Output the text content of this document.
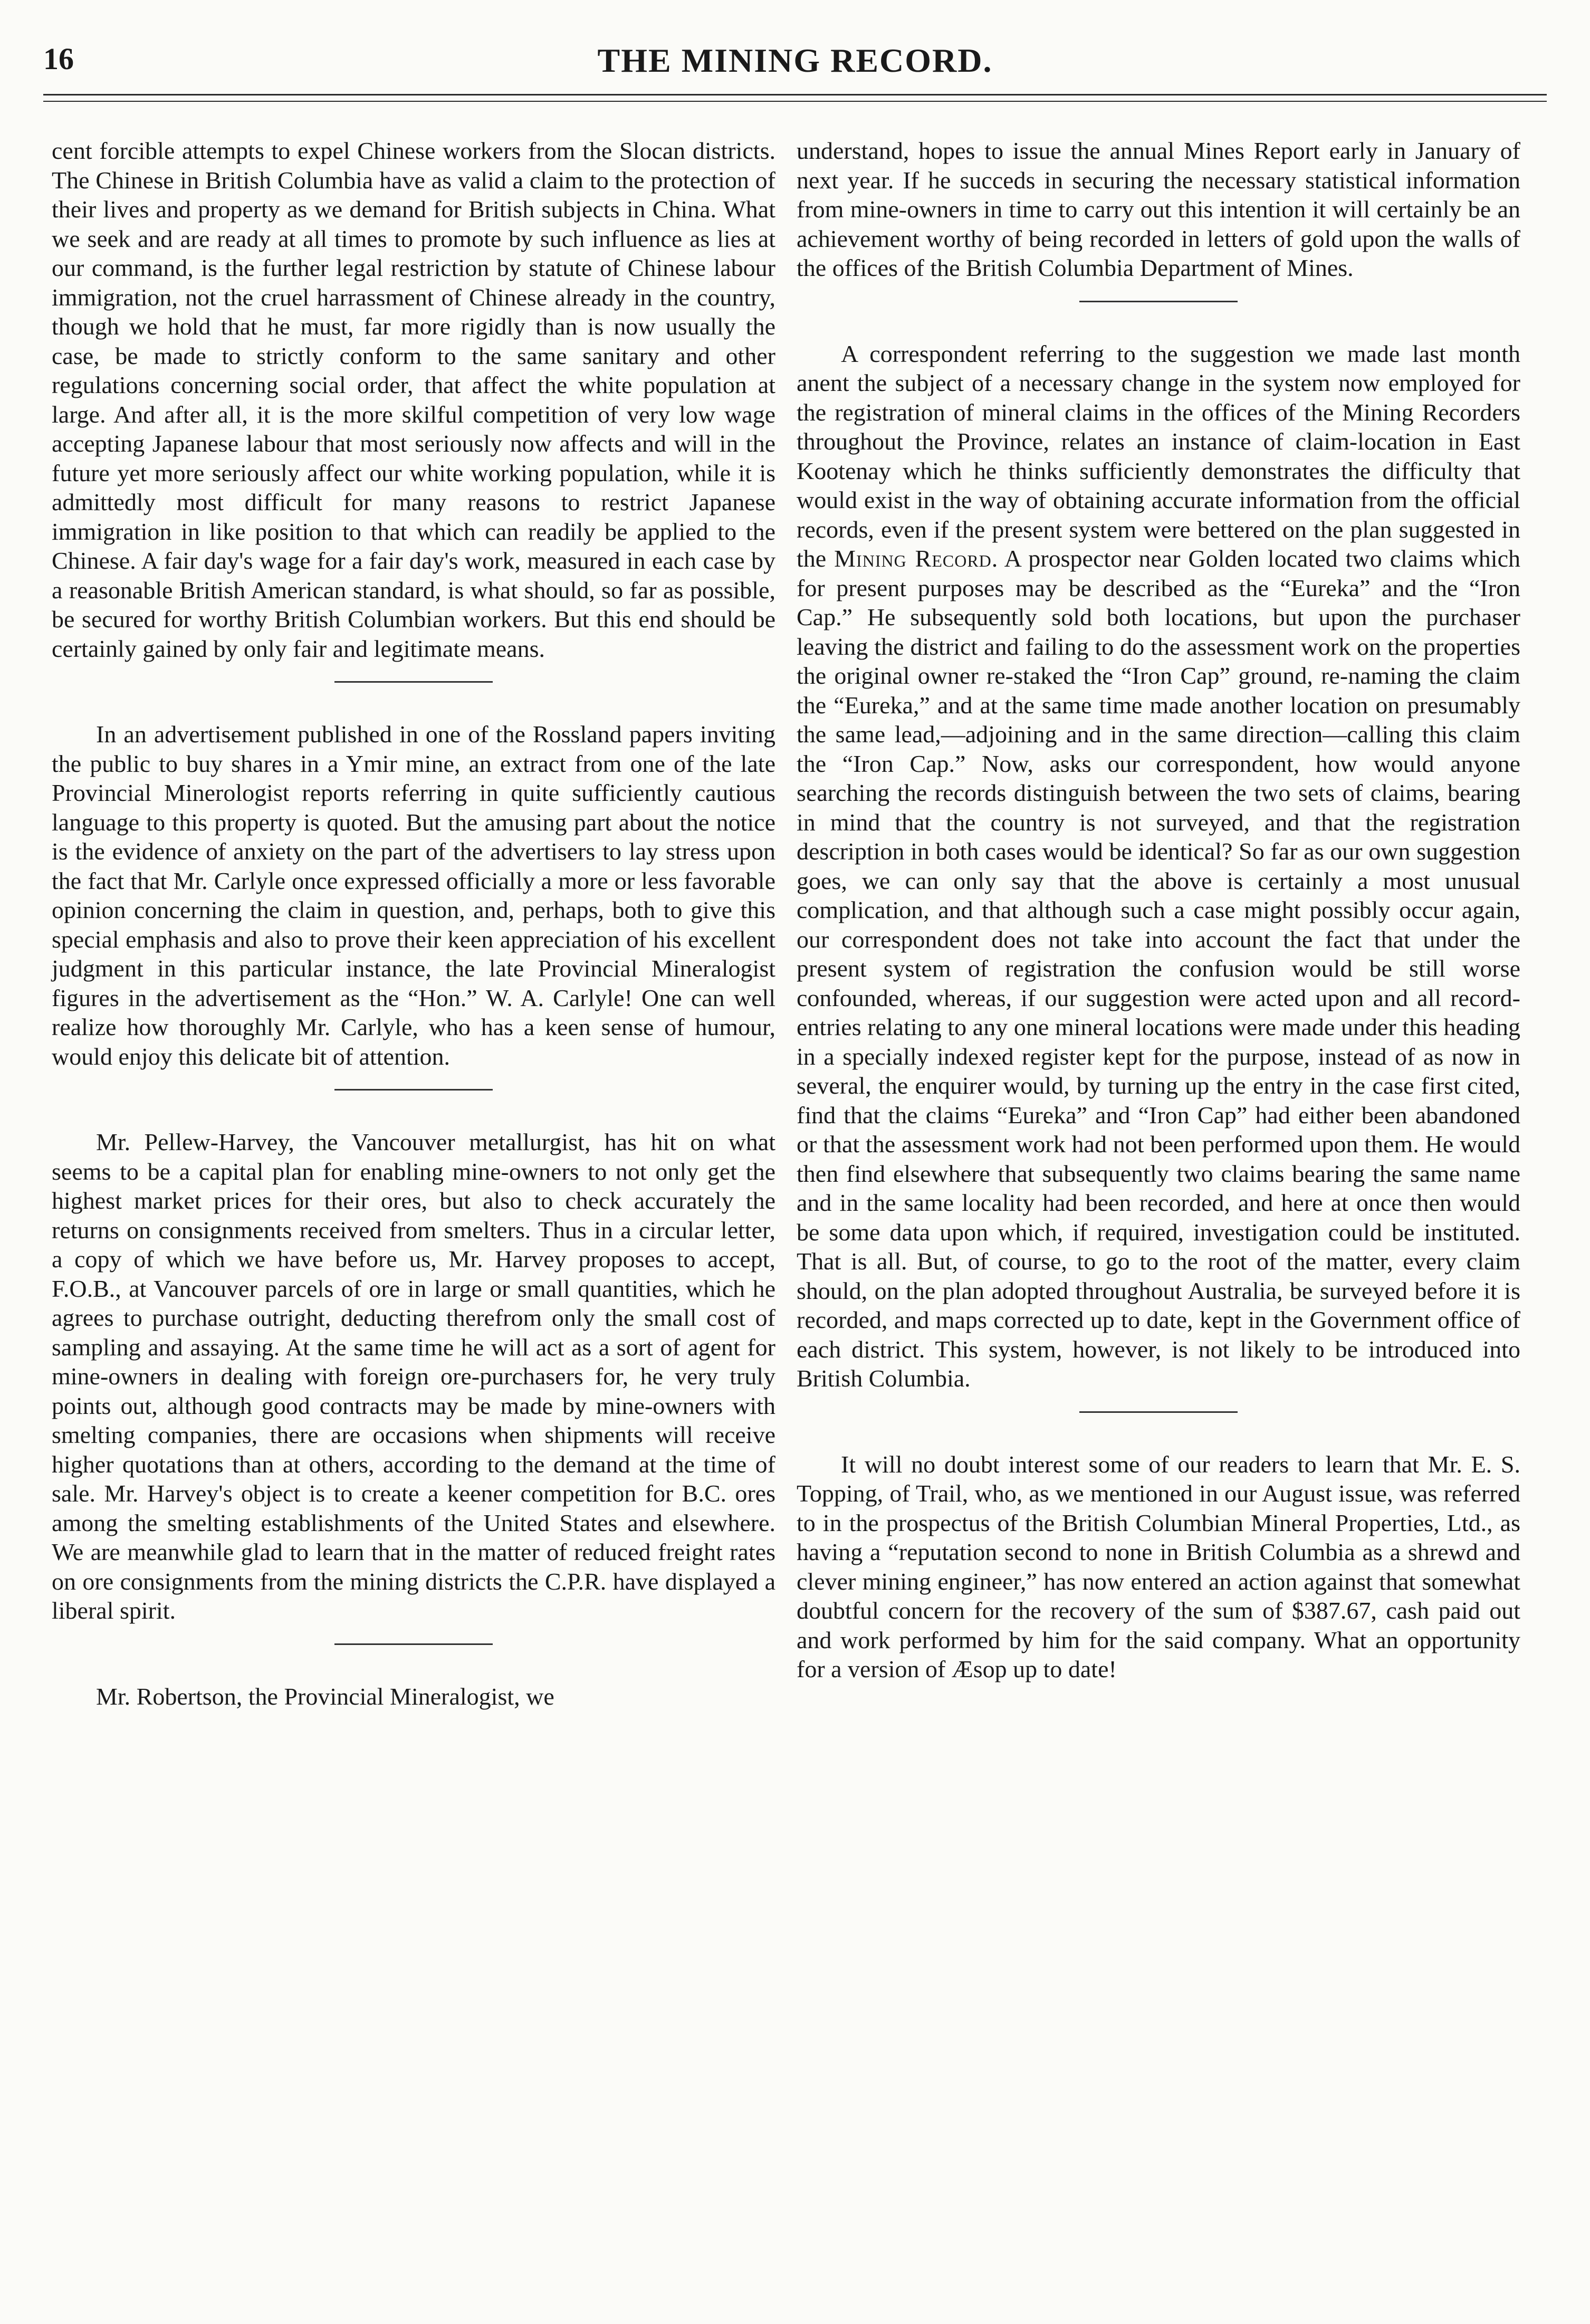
16	THE MINING RECORD.

cent forcible attempts to expel Chinese workers from the Slocan districts. The Chinese in British Columbia have as valid a claim to the protection of their lives and property as we demand for British subjects in China. What we seek and are ready at all times to promote by such influence as lies at our command, is the further legal restriction by statute of Chinese labour immigration, not the cruel harrassment of Chinese already in the country, though we hold that he must, far more rigidly than is now usually the case, be made to strictly conform to the same sanitary and other regulations concerning social order, that affect the white population at large. And after all, it is the more skilful competition of very low wage accepting Japanese labour that most seriously now affects and will in the future yet more seriously affect our white working population, while it is admittedly most difficult for many reasons to restrict Japanese immigration in like position to that which can readily be applied to the Chinese. A fair day's wage for a fair day's work, measured in each case by a reasonable British American standard, is what should, so far as possible, be secured for worthy British Columbian workers. But this end should be certainly gained by only fair and legitimate means.

In an advertisement published in one of the Rossland papers inviting the public to buy shares in a Ymir mine, an extract from one of the late Provincial Minerologist reports referring in quite sufficiently cautious language to this property is quoted. But the amusing part about the notice is the evidence of anxiety on the part of the advertisers to lay stress upon the fact that Mr. Carlyle once expressed officially a more or less favorable opinion concerning the claim in question, and, perhaps, both to give this special emphasis and also to prove their keen appreciation of his excellent judgment in this particular instance, the late Provincial Mineralogist figures in the advertisement as the “Hon.” W. A. Carlyle! One can well realize how thoroughly Mr. Carlyle, who has a keen sense of humour, would enjoy this delicate bit of attention.

Mr. Pellew-Harvey, the Vancouver metallurgist, has hit on what seems to be a capital plan for enabling mine-owners to not only get the highest market prices for their ores, but also to check accurately the returns on consignments received from smelters. Thus in a circular letter, a copy of which we have before us, Mr. Harvey proposes to accept, F.O.B., at Vancouver parcels of ore in large or small quantities, which he agrees to purchase outright, deducting therefrom only the small cost of sampling and assaying. At the same time he will act as a sort of agent for mine-owners in dealing with foreign ore-purchasers for, he very truly points out, although good contracts may be made by mine-owners with smelting companies, there are occasions when shipments will receive higher quotations than at others, according to the demand at the time of sale. Mr. Harvey's object is to create a keener competition for B.C. ores among the smelting establishments of the United States and elsewhere. We are meanwhile glad to learn that in the matter of reduced freight rates on ore consignments from the mining districts the C.P.R. have displayed a liberal spirit.

Mr. Robertson, the Provincial Mineralogist, we

understand, hopes to issue the annual Mines Report early in January of next year. If he succeds in securing the necessary statistical information from mine-owners in time to carry out this intention it will certainly be an achievement worthy of being recorded in letters of gold upon the walls of the offices of the British Columbia Department of Mines.

A correspondent referring to the suggestion we made last month anent the subject of a necessary change in the system now employed for the registration of mineral claims in the offices of the Mining Recorders throughout the Province, relates an instance of claim-location in East Kootenay which he thinks sufficiently demonstrates the difficulty that would exist in the way of obtaining accurate information from the official records, even if the present system were bettered on the plan suggested in the Mining Record. A prospector near Golden located two claims which for present purposes may be described as the “Eureka” and the “Iron Cap.” He subsequently sold both locations, but upon the purchaser leaving the district and failing to do the assessment work on the properties the original owner re-staked the “Iron Cap” ground, re-naming the claim the “Eureka,” and at the same time made another location on presumably the same lead,—adjoining and in the same direction—calling this claim the “Iron Cap.” Now, asks our correspondent, how would anyone searching the records distinguish between the two sets of claims, bearing in mind that the country is not surveyed, and that the registration description in both cases would be identical? So far as our own suggestion goes, we can only say that the above is certainly a most unusual complication, and that although such a case might possibly occur again, our correspondent does not take into account the fact that under the present system of registration the confusion would be still worse confounded, whereas, if our suggestion were acted upon and all record-entries relating to any one mineral locations were made under this heading in a specially indexed register kept for the purpose, instead of as now in several, the enquirer would, by turning up the entry in the case first cited, find that the claims “Eureka” and “Iron Cap” had either been abandoned or that the assessment work had not been performed upon them. He would then find elsewhere that subsequently two claims bearing the same name and in the same locality had been recorded, and here at once then would be some data upon which, if required, investigation could be instituted. That is all. But, of course, to go to the root of the matter, every claim should, on the plan adopted throughout Australia, be surveyed before it is recorded, and maps corrected up to date, kept in the Government office of each district. This system, however, is not likely to be introduced into British Columbia.

It will no doubt interest some of our readers to learn that Mr. E. S. Topping, of Trail, who, as we mentioned in our August issue, was referred to in the prospectus of the British Columbian Mineral Properties, Ltd., as having a “reputation second to none in British Columbia as a shrewd and clever mining engineer,” has now entered an action against that somewhat doubtful concern for the recovery of the sum of $387.67, cash paid out and work performed by him for the said company. What an opportunity for a version of Æsop up to date!
